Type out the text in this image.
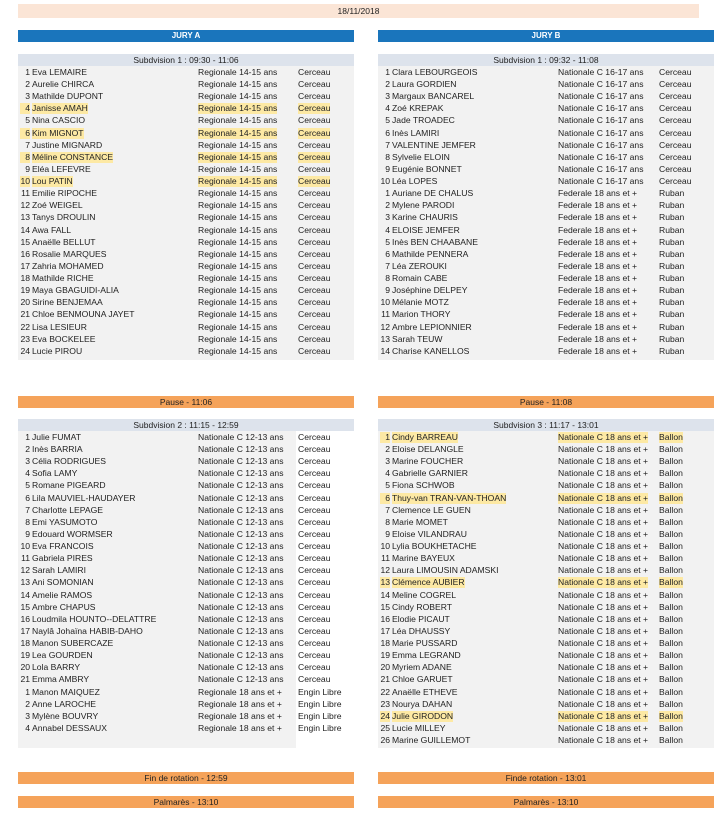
18/11/2018
JURY A
Subdvision 1 : 09:30 - 11:06
1 Eva LEMAIRE	Regionale 14-15 ans Cerceau
2 Aurelie CHIRCA	Regionale 14-15 ans Cerceau
3 Mathilde DUPONT	Regionale 14-15 ans Cerceau
4 Janisse AMAH	Regionale 14-15 ans Cerceau
5 Nina CASCIO	Regionale 14-15 ans Cerceau
6 Kim MIGNOT	Regionale 14-15 ans Cerceau
7 Justine MIGNARD	Regionale 14-15 ans Cerceau
8 Méline CONSTANCE	Regionale 14-15 ans Cerceau
9 Eléa LEFEVRE	Regionale 14-15 ans Cerceau
10 Lou PATIN	Regionale 14-15 ans Cerceau
11 Emilie RIPOCHE	Regionale 14-15 ans Cerceau
12 Zoé WEIGEL	Regionale 14-15 ans Cerceau
13 Tanys DROULIN	Regionale 14-15 ans Cerceau
14 Awa FALL	Regionale 14-15 ans Cerceau
15 Anaëlle BELLUT	Regionale 14-15 ans Cerceau
16 Rosalie MARQUES	Regionale 14-15 ans Cerceau
17 Zahria MOHAMED	Regionale 14-15 ans Cerceau
18 Mathilde RICHE	Regionale 14-15 ans Cerceau
19 Maya GBAGUIDI-ALIA	Regionale 14-15 ans Cerceau
20 Sirine BENJEMAA	Regionale 14-15 ans Cerceau
21 Chloe BENMOUNA JAYET	Regionale 14-15 ans Cerceau
22 Lisa LESIEUR	Regionale 14-15 ans Cerceau
23 Eva BOCKELEE	Regionale 14-15 ans Cerceau
24 Lucie PIROU	Regionale 14-15 ans Cerceau
Pause - 11:06
Subdvision 2 : 11:15 - 12:59
1 Julie FUMAT	Nationale C 12-13 ans Cerceau
2 Inès BARRIA	Nationale C 12-13 ans Cerceau
3 Célia RODRIGUES	Nationale C 12-13 ans Cerceau
4 Sofia LAMY	Nationale C 12-13 ans Cerceau
5 Romane PIGEARD	Nationale C 12-13 ans Cerceau
6 Lila MAUVIEL-HAUDAYER	Nationale C 12-13 ans Cerceau
7 Charlotte LEPAGE	Nationale C 12-13 ans Cerceau
8 Emi YASUMOTO	Nationale C 12-13 ans Cerceau
9 Edouard WORMSER	Nationale C 12-13 ans Cerceau
10 Eva FRANCOIS	Nationale C 12-13 ans Cerceau
11 Gabriela PIRES	Nationale C 12-13 ans Cerceau
12 Sarah LAMIRI	Nationale C 12-13 ans Cerceau
13 Ani SOMONIAN	Nationale C 12-13 ans Cerceau
14 Amelie RAMOS	Nationale C 12-13 ans Cerceau
15 Ambre CHAPUS	Nationale C 12-13 ans Cerceau
16 Loudmila HOUNTO--DELATTRE	Nationale C 12-13 ans Cerceau
17 Naylâ Johaïna HABIB-DAHO	Nationale C 12-13 ans Cerceau
18 Manon SUBERCAZE	Nationale C 12-13 ans Cerceau
19 Lea GOURDEN	Nationale C 12-13 ans Cerceau
20 Lola BARRY	Nationale C 12-13 ans Cerceau
21 Emma AMBRY	Nationale C 12-13 ans Cerceau
1 Manon MAIQUEZ	Regionale 18 ans et + Engin Libre
2 Anne LAROCHE	Regionale 18 ans et + Engin Libre
3 Mylène BOUVRY	Regionale 18 ans et + Engin Libre
4 Annabel DESSAUX	Regionale 18 ans et + Engin Libre
Fin de rotation - 12:59
Palmarès - 13:10
JURY B
Subdvision 1 : 09:32 - 11:08
1 Clara LEBOURGEOIS	Nationale C 16-17 ans Cerceau
2 Laura GORDIEN	Nationale C 16-17 ans Cerceau
3 Margaux BANCAREL	Nationale C 16-17 ans Cerceau
4 Zoé KREPAK	Nationale C 16-17 ans Cerceau
5 Jade TROADEC	Nationale C 16-17 ans Cerceau
6 Inès LAMIRI	Nationale C 16-17 ans Cerceau
7 VALENTINE JEMFER	Nationale C 16-17 ans Cerceau
8 Sylvelie ELOIN	Nationale C 16-17 ans Cerceau
9 Eugénie BONNET	Nationale C 16-17 ans Cerceau
10 Léa LOPES	Nationale C 16-17 ans Cerceau
1 Auriane DE CHALUS	Federale 18 ans et +	Ruban
2 Mylene PARODI	Federale 18 ans et +	Ruban
3 Karine CHAURIS	Federale 18 ans et +	Ruban
4 ELOISE JEMFER	Federale 18 ans et +	Ruban
5 Inès BEN CHAABANE	Federale 18 ans et +	Ruban
6 Mathilde PENNERA	Federale 18 ans et +	Ruban
7 Léa ZEROUKI	Federale 18 ans et +	Ruban
8 Romain CABE	Federale 18 ans et +	Ruban
9 Joséphine DELPEY	Federale 18 ans et +	Ruban
10 Mélanie MOTZ	Federale 18 ans et +	Ruban
11 Marion THORY	Federale 18 ans et +	Ruban
12 Ambre LEPIONNIER	Federale 18 ans et +	Ruban
13 Sarah TEUW	Federale 18 ans et +	Ruban
14 Charise KANELLOS	Federale 18 ans et +	Ruban
Pause - 11:08
Subdvision 3 : 11:17 - 13:01
1 Cindy BARREAU	Nationale C 18 ans et + Ballon
2 Eloise DELANGLE	Nationale C 18 ans et + Ballon
3 Marine FOUCHER	Nationale C 18 ans et + Ballon
4 Gabrielle GARNIER	Nationale C 18 ans et + Ballon
5 Fiona SCHWOB	Nationale C 18 ans et + Ballon
6 Thuy-van TRAN-VAN-THOAN	Nationale C 18 ans et + Ballon
7 Clemence LE GUEN	Nationale C 18 ans et + Ballon
8 Marie MOMET	Nationale C 18 ans et + Ballon
9 Eloise VILANDRAU	Nationale C 18 ans et + Ballon
10 Lylia BOUKHETACHE	Nationale C 18 ans et + Ballon
11 Marine BAYEUX	Nationale C 18 ans et + Ballon
12 Laura LIMOUSIN ADAMSKI	Nationale C 18 ans et + Ballon
13 Clémence AUBIER	Nationale C 18 ans et + Ballon
14 Meline COGREL	Nationale C 18 ans et + Ballon
15 Cindy ROBERT	Nationale C 18 ans et + Ballon
16 Elodie PICAUT	Nationale C 18 ans et + Ballon
17 Léa DHAUSSY	Nationale C 18 ans et + Ballon
18 Marie PUSSARD	Nationale C 18 ans et + Ballon
19 Emma LEGRAND	Nationale C 18 ans et + Ballon
20 Myriem ADANE	Nationale C 18 ans et + Ballon
21 Chloe GARUET	Nationale C 18 ans et + Ballon
22 Anaëlle ETHEVE	Nationale C 18 ans et + Ballon
23 Nourya DAHAN	Nationale C 18 ans et + Ballon
24 Julie GIRODON	Nationale C 18 ans et + Ballon
25 Lucie MILLEY	Nationale C 18 ans et + Ballon
26 Marine GUILLEMOT	Nationale C 18 ans et + Ballon
Finde rotation - 13:01
Palmarès - 13:10
